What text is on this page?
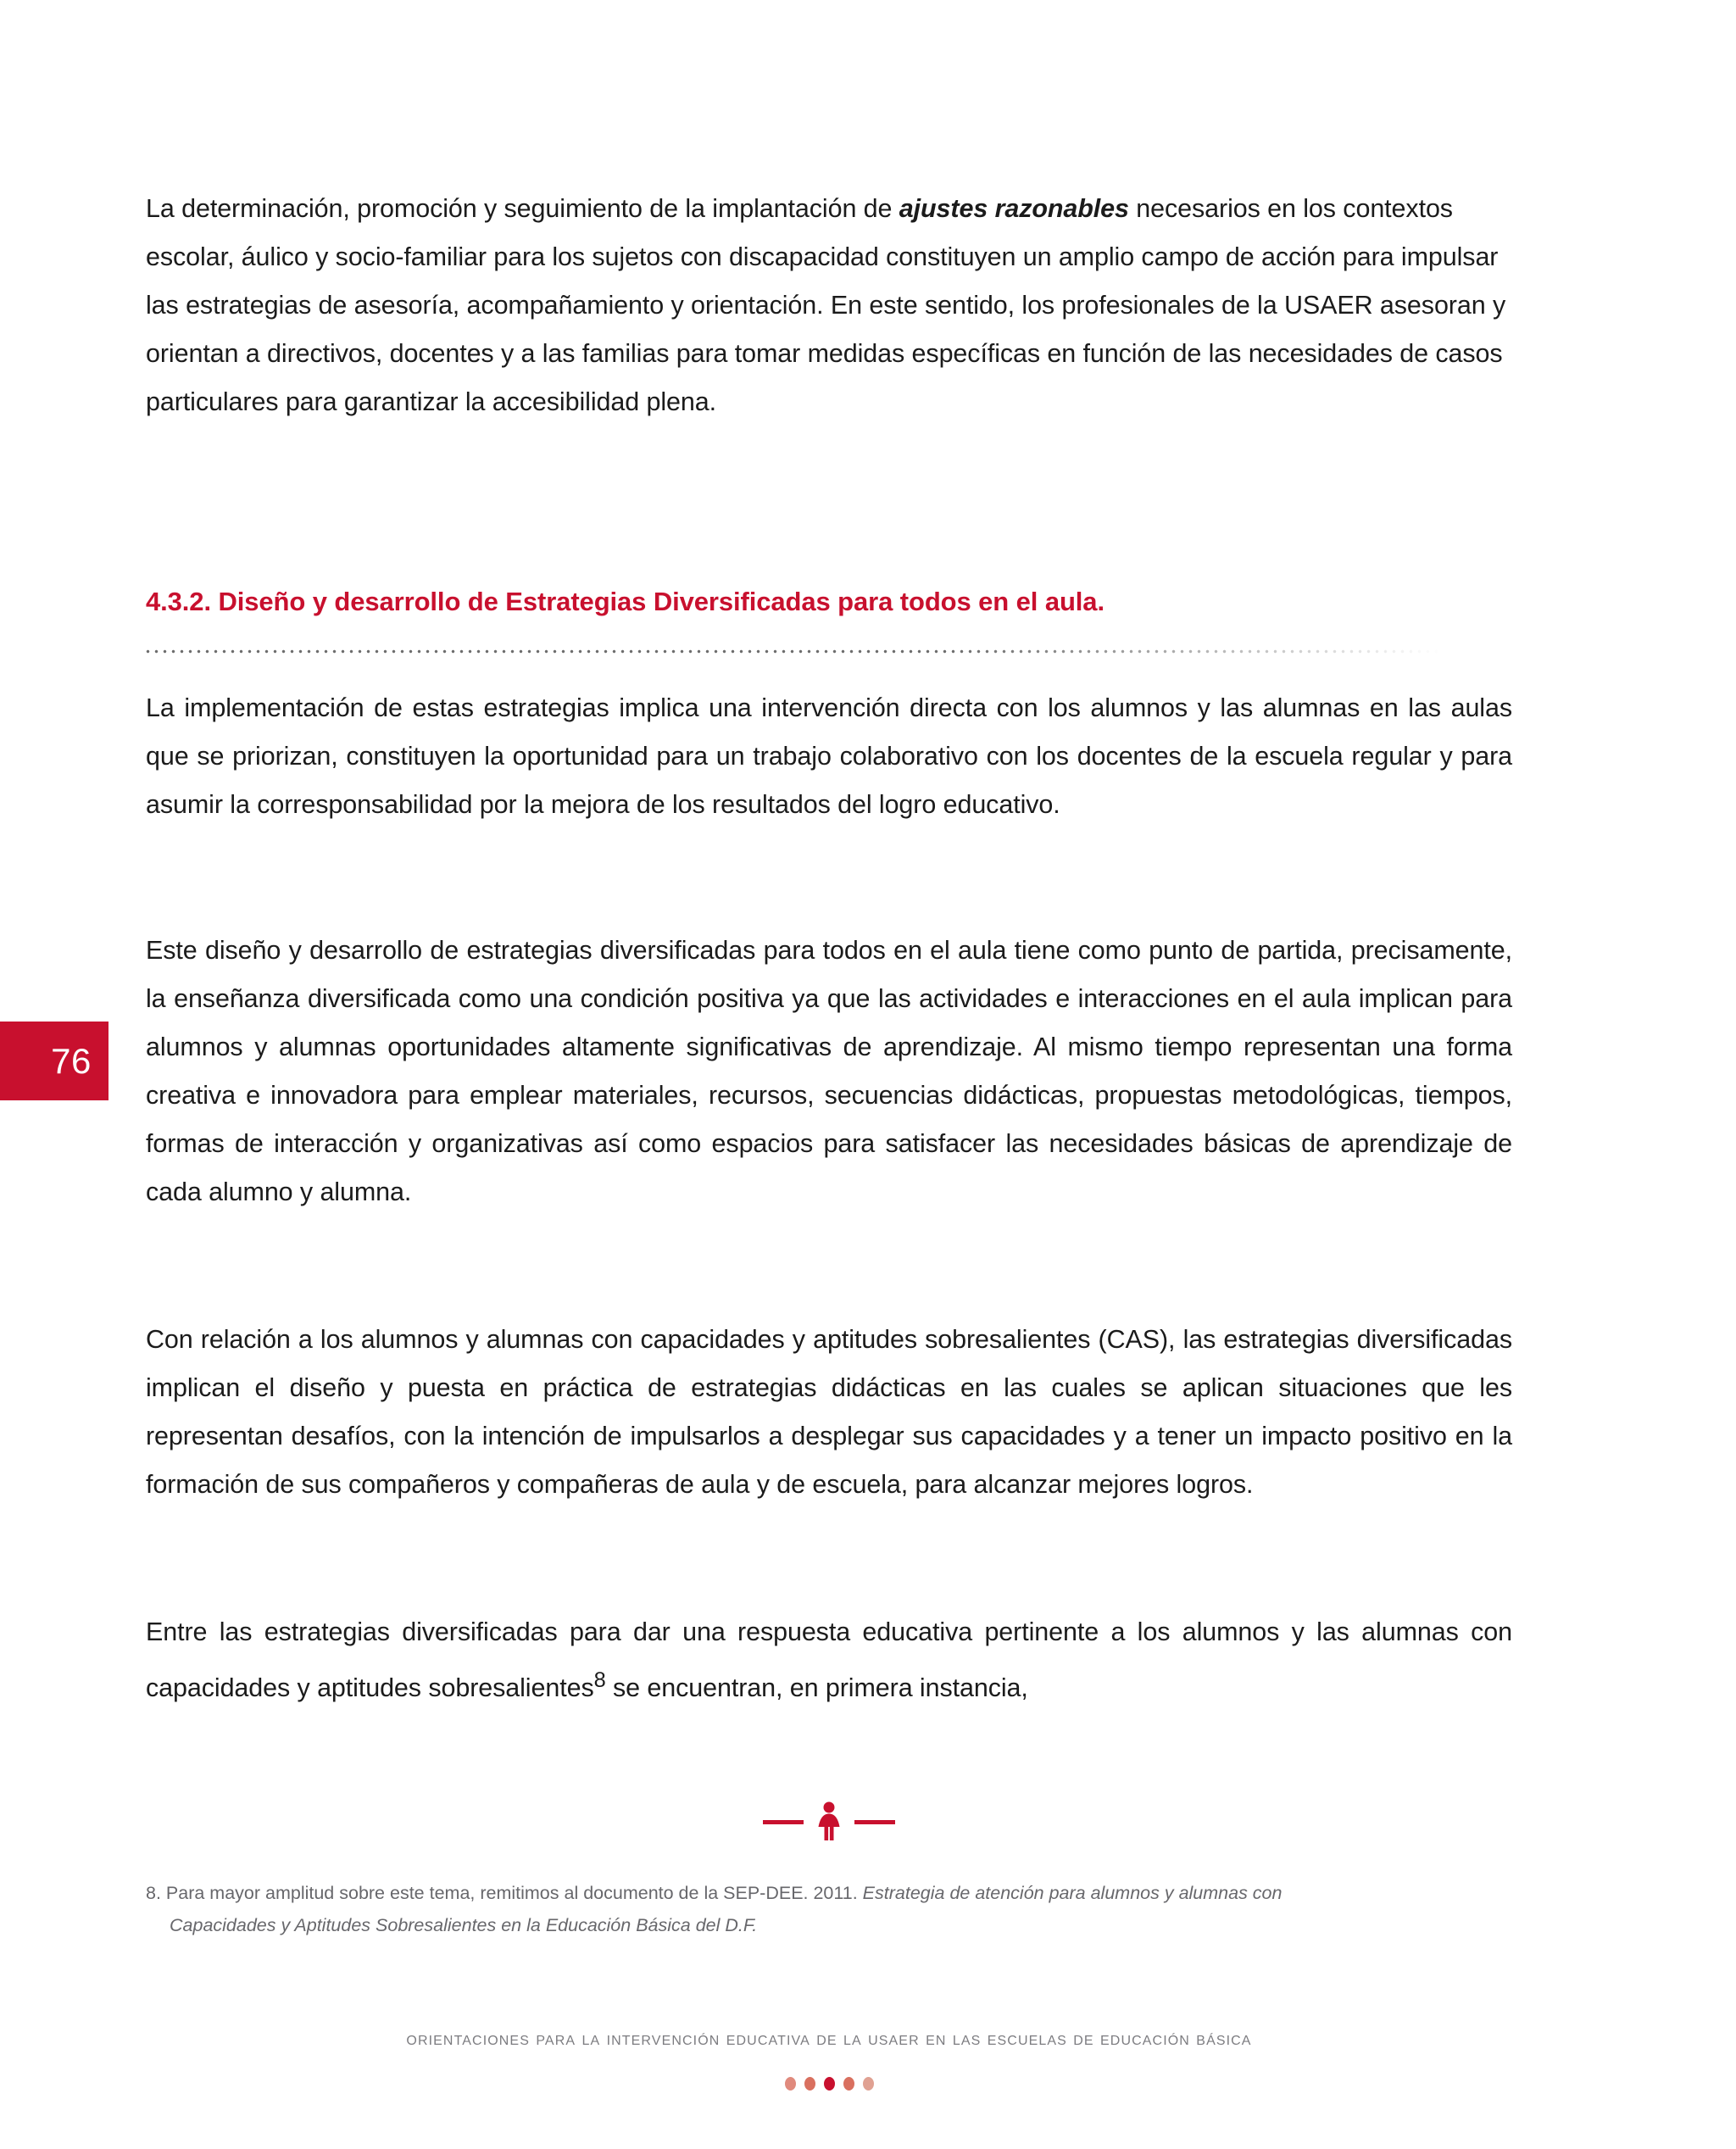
76

La determinación, promoción y seguimiento de la implantación de ajustes razonables necesarios en los contextos escolar, áulico y socio-familiar para los sujetos con discapacidad constituyen un amplio campo de acción para impulsar las estrategias de asesoría, acompañamiento y orientación. En este sentido, los profesionales de la USAER asesoran y orientan a directivos, docentes y a las familias para tomar medidas específicas en función de las necesidades de casos particulares para garantizar la accesibilidad plena.

4.3.2. Diseño y desarrollo de Estrategias Diversificadas para todos en el aula.

La implementación de estas estrategias implica una intervención directa con los alumnos y las alumnas en las aulas que se priorizan, constituyen la oportunidad para un trabajo colaborativo con los docentes de la escuela regular y para asumir la corresponsabilidad por la mejora de los resultados del logro educativo.

Este diseño y desarrollo de estrategias diversificadas para todos en el aula tiene como punto de partida, precisamente, la enseñanza diversificada como una condición positiva ya que las actividades e interacciones en el aula implican para alumnos y alumnas oportunidades altamente significativas de aprendizaje. Al mismo tiempo representan una forma creativa e innovadora para emplear materiales, recursos, secuencias didácticas, propuestas metodológicas, tiempos, formas de interacción y organizativas así como espacios para satisfacer las necesidades básicas de aprendizaje de cada alumno y alumna.

Con relación a los alumnos y alumnas con capacidades y aptitudes sobresalientes (CAS), las estrategias diversificadas implican el diseño y puesta en práctica de estrategias didácticas en las cuales se aplican situaciones que les representan desafíos, con la intención de impulsarlos a desplegar sus capacidades y a tener un impacto positivo en la formación de sus compañeros y compañeras de aula y de escuela, para alcanzar mejores logros.

Entre las estrategias diversificadas para dar una respuesta educativa pertinente a los alumnos y las alumnas con capacidades y aptitudes sobresalientes$^8$ se encuentran, en primera instancia,

8. Para mayor amplitud sobre este tema, remitimos al documento de la SEP-DEE. 2011. Estrategia de atención para alumnos y alumnas con
Capacidades y Aptitudes Sobresalientes en la Educación Básica del D.F.

orientaciones para la intervención educativa de la usaer en las escuelas de educación básica
